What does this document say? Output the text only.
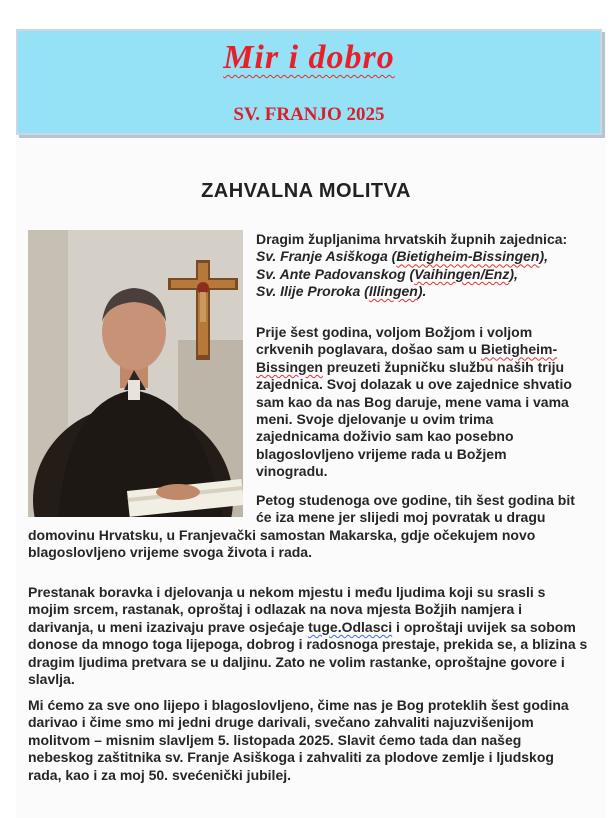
Mir i dobro
SV. FRANJO 2025
ZAHVALNA MOLITVA

Dragim župljanima hrvatskih župnih zajednica:

Sv. Franje Asiškoga (Bietigheim-Bissingen),

Sv. Ante Padovanskog (Vaihingen/Enz),

Sv. Ilije Proroka (Illingen).

Prije šest godina, voljom Božjom i voljom crkvenih poglavara, došao sam u Bietigheim-Bissingen preuzeti župničku službu naših triju zajednica. Svoj dolazak u ove zajednice shvatio sam kao da nas Bog daruje, mene vama i vama meni. Svoje djelovanje u ovim trima zajednicama doživio sam kao posebno blagoslovljeno vrijeme rada u Božjem vinogradu.

Petog studenoga ove godine, tih šest godina bit će iza mene jer slijedi moj povratak u dragu
domovinu Hrvatsku, u Franjevački samostan Makarska, gdje očekujem novo blagoslovljeno vrijeme svoga života i rada.

Prestanak boravka i djelovanja u nekom mjestu i među ljudima koji su srasli s mojim srcem, rastanak, oproštaj i odlazak na nova mjesta Božjih namjera i darivanja, u meni izazivaju prave osjećaje tuge.Odlasci i oproštaji uvijek sa sobom donose da mnogo toga lijepoga, dobrog i radosnoga prestaje, prekida se, a blizina s dragim ljudima pretvara se u daljinu. Zato ne volim rastanke, oproštajne govore i slavlja.

Mi ćemo za sve ono lijepo i blagoslovljeno, čime nas je Bog proteklih šest godina darivao i čime smo mi jedni druge darivali, svečano zahvaliti najuzvišenijom molitvom – misnim slavljem 5. listopada 2025. Slavit ćemo tada dan našeg nebeskog zaštitnika sv. Franje Asiškoga i zahvaliti za plodove zemlje i ljudskog rada, kao i za moj 50. svećenički jubilej.
